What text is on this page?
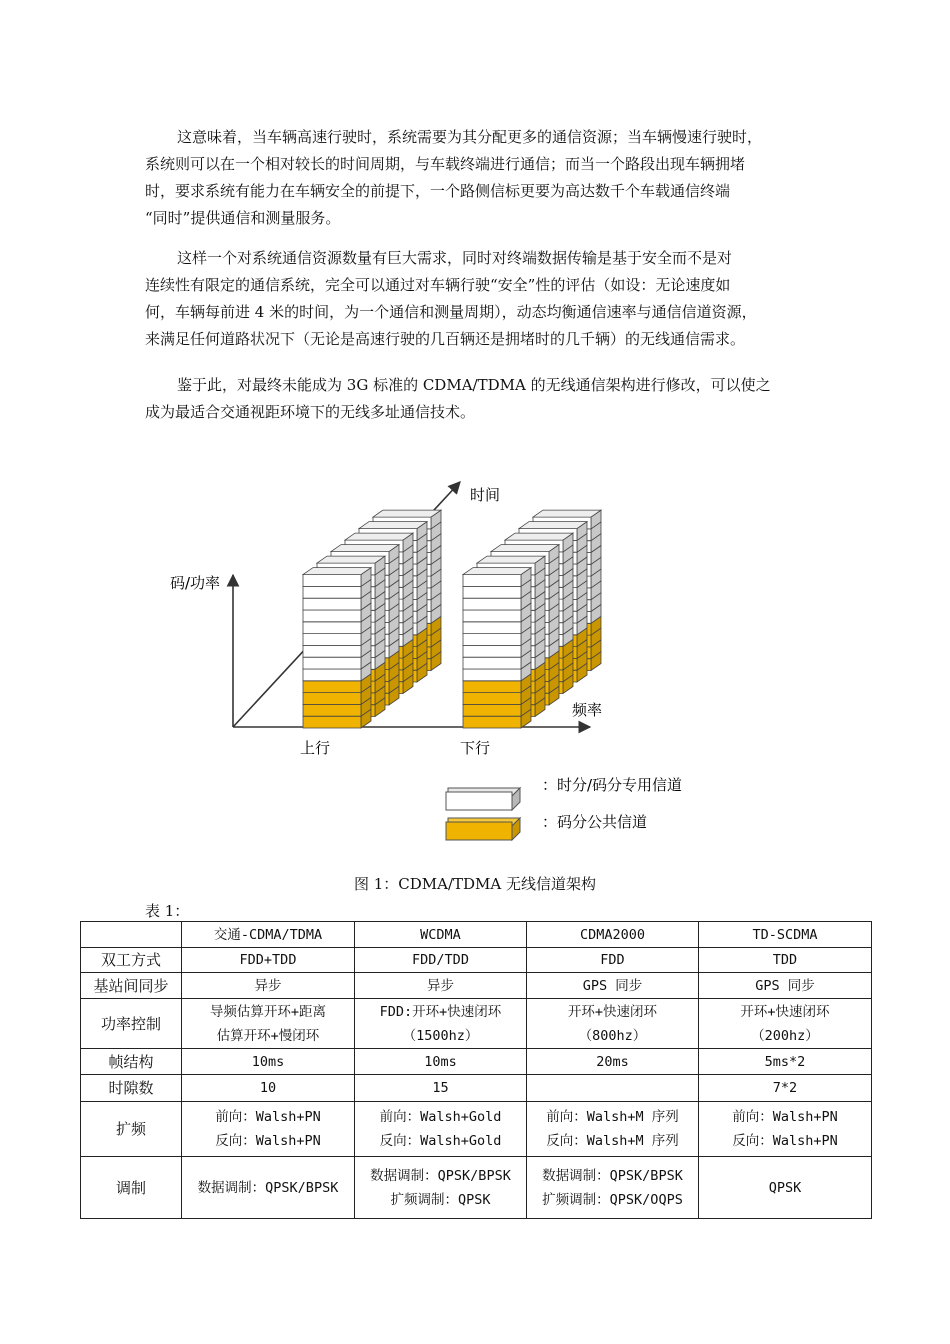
这意味着，当车辆高速行驶时，系统需要为其分配更多的通信资源；当车辆慢速行驶时，
系统则可以在一个相对较长的时间周期，与车载终端进行通信；而当一个路段出现车辆拥堵
时，要求系统有能力在车辆安全的前提下，一个路侧信标更要为高达数千个车载通信终端
“同时”提供通信和测量服务。
这样一个对系统通信资源数量有巨大需求，同时对终端数据传输是基于安全而不是对
连续性有限定的通信系统，完全可以通过对车辆行驶“安全”性的评估（如设：无论速度如
何，车辆每前进 4 米的时间，为一个通信和测量周期），动态均衡通信速率与通信信道资源，
来满足任何道路状况下（无论是高速行驶的几百辆还是拥堵时的几千辆）的无线通信需求。
鉴于此，对最终未能成为 3G 标准的 CDMA/TDMA 的无线通信架构进行修改，可以使之
成为最适合交通视距环境下的无线多址通信技术。
时间
码/功率
频率
上行	下行
：时分/码分专用信道
：码分公共信道
图 1：CDMA/TDMA 无线信道架构
表 1：
	交通-CDMA/TDMA	WCDMA	CDMA2000	TD-SCDMA
双工方式	FDD+TDD	FDD/TDD	FDD	TDD

基站间同步	异步	异步	GPS 同步	GPS 同步

功率控制	导频估算开环+距离
估算开环+慢闭环	FDD:开环+快速闭环
（1500hz）	开环+快速闭环
（800hz）	开环+快速闭环
（200hz）

帧结构	10ms	10ms	20ms	5ms*2

时隙数	10	15		7*2

扩频	前向：Walsh+PN
反向：Walsh+PN	前向：Walsh+Gold
反向：Walsh+Gold	前向：Walsh+M 序列
反向：Walsh+M 序列	前向：Walsh+PN
反向：Walsh+PN

调制	数据调制：QPSK/BPSK	数据调制：QPSK/BPSK
扩频调制：QPSK	数据调制：QPSK/BPSK
扩频调制：QPSK/OQPS	QPSK
